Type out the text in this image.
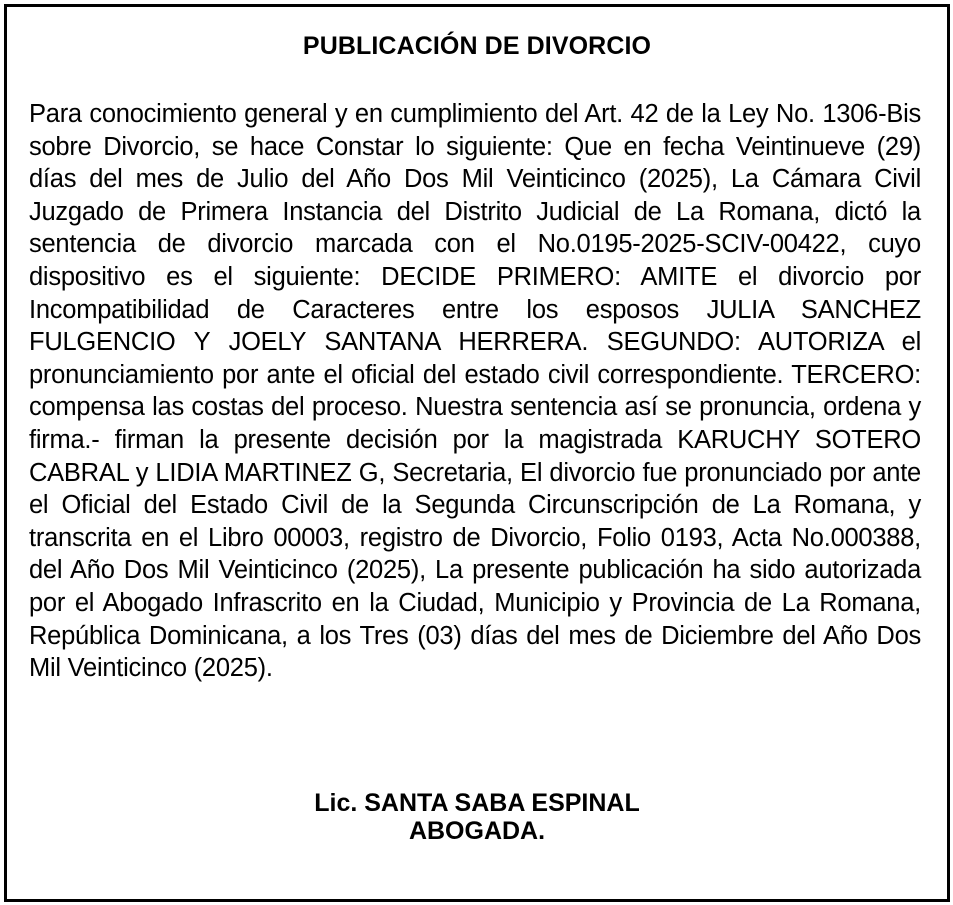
PUBLICACIÓN DE DIVORCIO

Para conocimiento general y en cumplimiento del Art. 42 de la Ley No. 1306-Bis sobre Divorcio, se hace Constar lo siguiente: Que en fecha Veintinueve (29) días del mes de Julio del Año Dos Mil Veinticinco (2025), La Cámara Civil Juzgado de Primera Instancia del Distrito Judicial de La Romana, dictó la sentencia de divorcio marcada con el No.0195-2025-SCIV-00422, cuyo dispositivo es el siguiente: DECIDE PRIMERO: AMITE el divorcio por Incompatibilidad de Caracteres entre los esposos JULIA SANCHEZ FULGENCIO Y JOELY SANTANA HERRERA. SEGUNDO: AUTORIZA el pronunciamiento por ante el oficial del estado civil correspondiente. TERCERO: compensa las costas del proceso. Nuestra sentencia así se pronuncia, ordena y firma.- firman la presente decisión por la magistrada KARUCHY SOTERO CABRAL y LIDIA MARTINEZ G, Secretaria, El divorcio fue pronunciado por ante el Oficial del Estado Civil de la Segunda Circunscripción de La Romana, y transcrita en el Libro 00003, registro de Divorcio, Folio 0193, Acta No.000388, del Año Dos Mil Veinticinco (2025), La presente publicación ha sido autorizada por el Abogado Infrascrito en la Ciudad, Municipio y Provincia de La Romana, República Dominicana, a los Tres (03) días del mes de Diciembre del Año Dos Mil Veinticinco (2025).

Lic. SANTA SABA ESPINAL
ABOGADA.
